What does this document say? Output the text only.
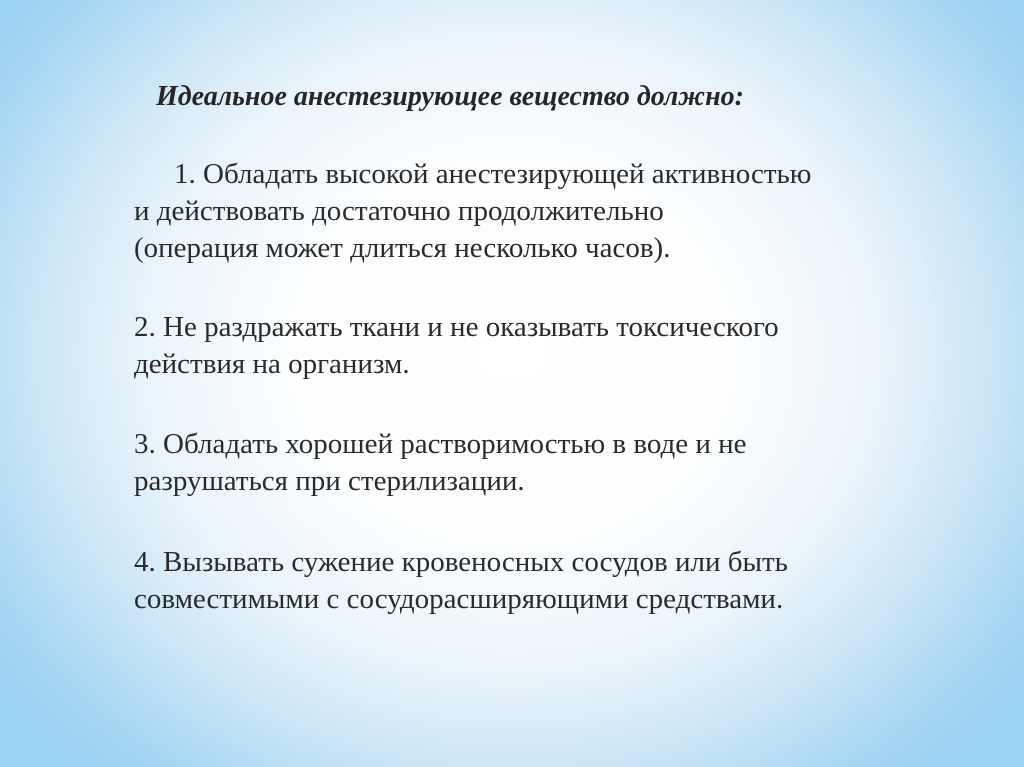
Идеальное анестезирующее вещество должно:

1. Обладать высокой анестезирующей активностью
и действовать достаточно продолжительно
(операция может длиться несколько часов).

2. Не раздражать ткани и не оказывать токсического
действия на организм.

3. Обладать хорошей растворимостью в воде и не
разрушаться при стерилизации.

4. Вызывать сужение кровеносных сосудов или быть
совместимыми с сосудорасширяющими средствами.
